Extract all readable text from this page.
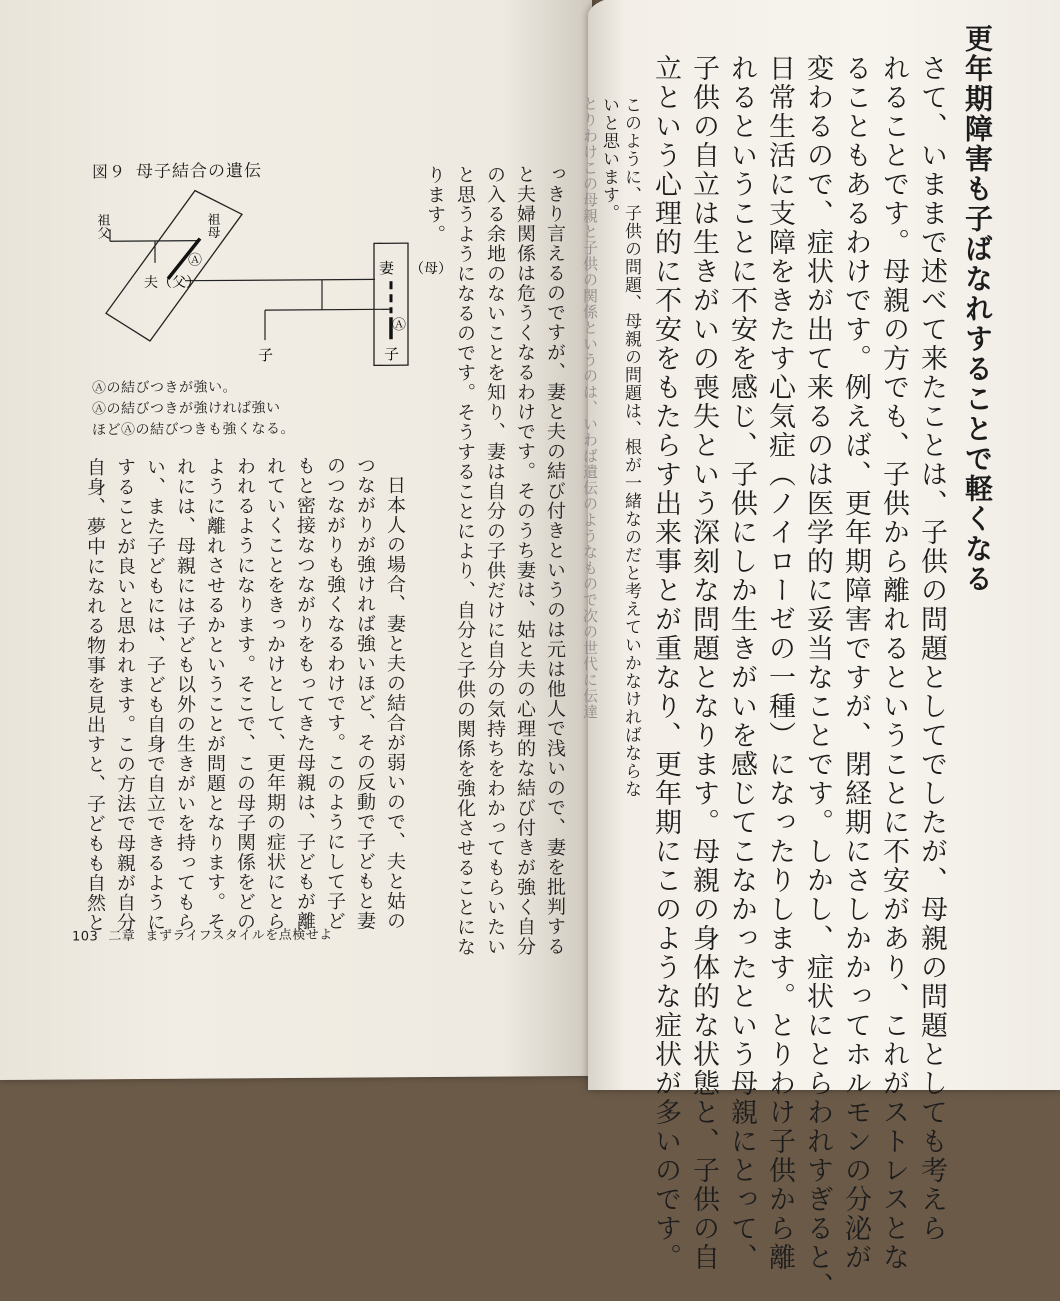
図９ 母子結合の遺伝
祖父	祖母
Ⓐ
夫（父）
妻 （母）
Ⓐ
子	子
Ⓐの結びつきが強い。
Ⓐの結びつきが強ければ強い
ほどⒶの結びつきも強くなる。	っきり言えるのですが、妻と夫の結び付きというのは元は他人で浅いので、妻を批判する
と夫婦関係は危うくなるわけです。そのうち妻は、姑と夫の心理的な結び付きが強く自分
の入る余地のないことを知り、妻は自分の子供だけに自分の気持ちをわかってもらいたい
と思うようになるのです。そうすることにより、自分と子供の関係を強化させることにな
ります。
日本人の場合、妻と夫の結合が弱いので、夫と姑の
つながりが強ければ強いほど、その反動で子どもと妻
のつながりも強くなるわけです。このようにして子ど
もと密接なつながりをもってきた母親は、子どもが離
れていくことをきっかけとして、更年期の症状にとら
われるようになります。そこで、この母子関係をどの
ように離れさせるかということが問題となります。そ
れには、母親には子ども以外の生きがいを持ってもら
い、また子どもには、子ども自身で自立できるように
することが良いと思われます。この方法で母親が自分
自身、夢中になれる物事を見出すと、子どもも自然と
103 二章 まずライフスタイルを点検せよ
更年期障害も子ばなれすることで軽くなる
さて、いままで述べて来たことは、子供の問題としてでしたが、母親の問題としても考えら
れることです。母親の方でも、子供から離れるということに不安があり、これがストレスとな
ることもあるわけです。例えば、更年期障害ですが、閉経期にさしかかってホルモンの分泌が
変わるので、症状が出て来るのは医学的に妥当なことです。しかし、症状にとらわれすぎると、
日常生活に支障をきたす心気症（ノイローゼの一種）になったりします。とりわけ子供から離
れるということに不安を感じ、子供にしか生きがいを感じてこなかったという母親にとって、
子供の自立は生きがいの喪失という深刻な問題となります。母親の身体的な状態と、子供の自
立という心理的に不安をもたらす出来事とが重なり、更年期にこのような症状が多いのです。
このように、子供の問題、母親の問題は、根が一緒なのだと考えていかなければならな
いと思います。
とりわけこの母親と子供の関係というのは、いわば遺伝のようなもので次の世代に伝達
